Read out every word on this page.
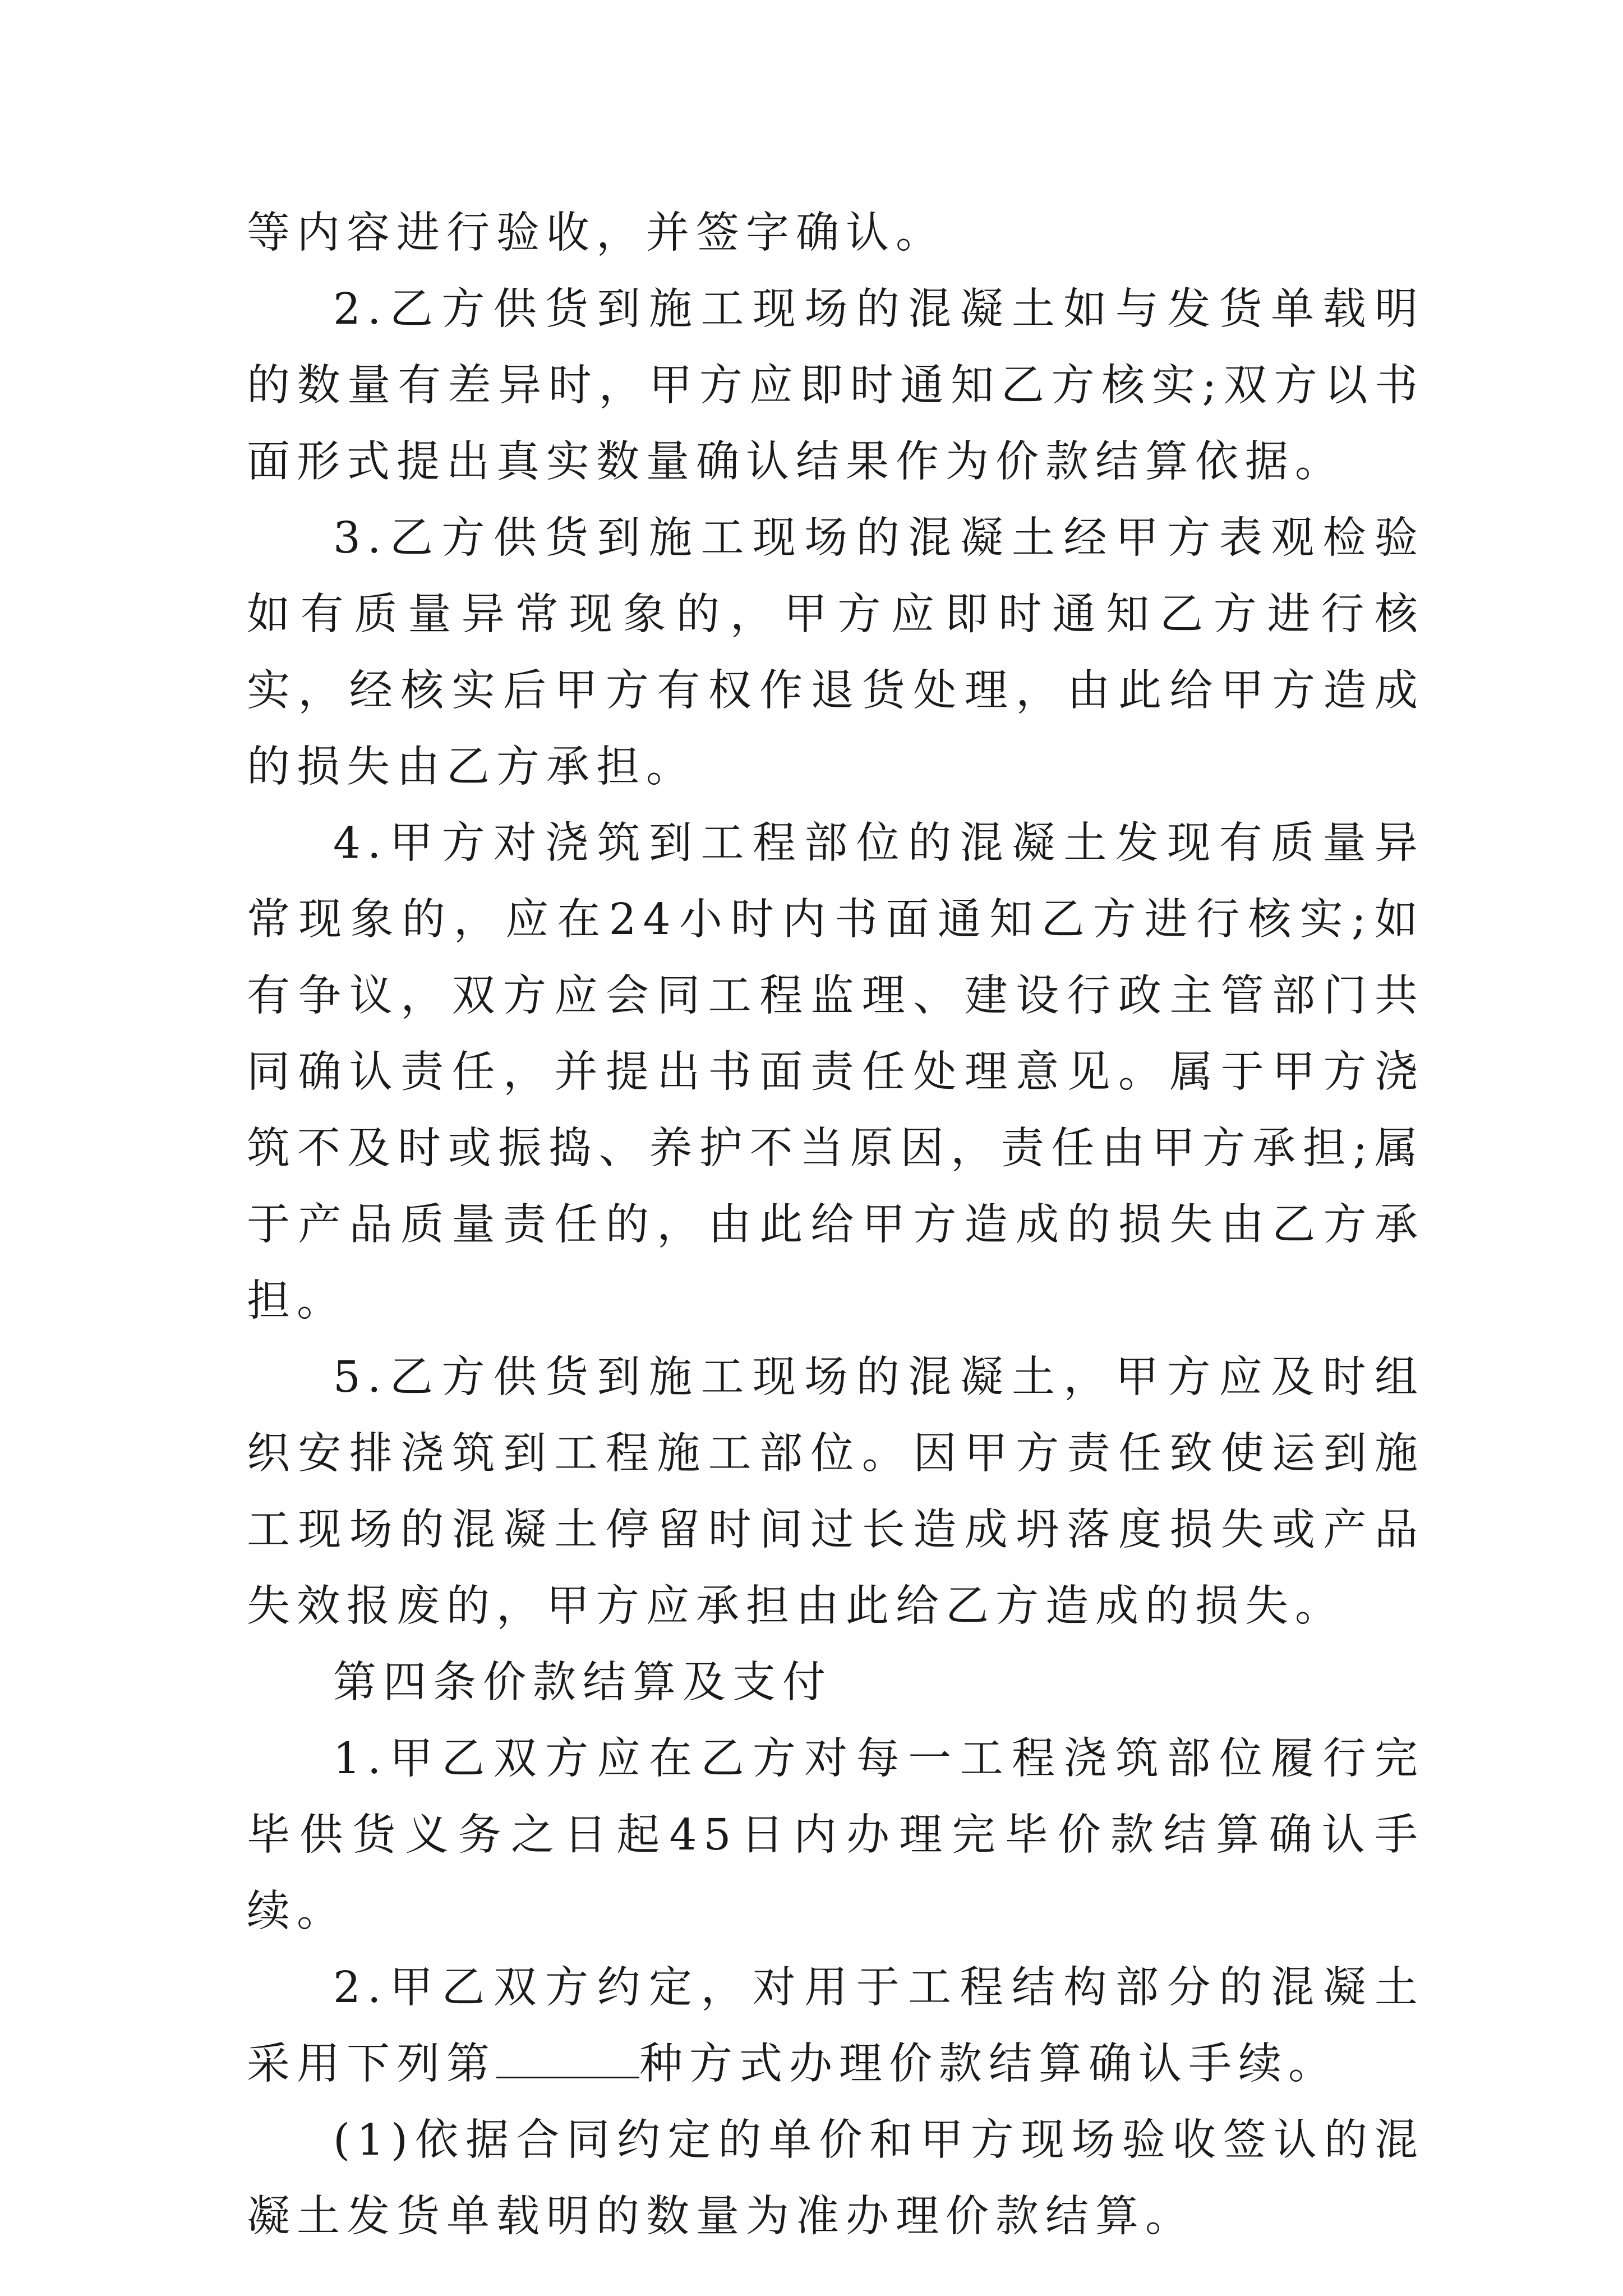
等内容进行验收，并签字确认。

2.乙方供货到施工现场的混凝土如与发货单载明的数量有差异时，甲方应即时通知乙方核实;双方以书面形式提出真实数量确认结果作为价款结算依据。

3.乙方供货到施工现场的混凝土经甲方表观检验如有质量异常现象的，甲方应即时通知乙方进行核实，经核实后甲方有权作退货处理，由此给甲方造成的损失由乙方承担。

4.甲方对浇筑到工程部位的混凝土发现有质量异常现象的，应在24小时内书面通知乙方进行核实;如有争议，双方应会同工程监理、建设行政主管部门共同确认责任，并提出书面责任处理意见。属于甲方浇筑不及时或振捣、养护不当原因，责任由甲方承担;属于产品质量责任的，由此给甲方造成的损失由乙方承担。

5.乙方供货到施工现场的混凝土，甲方应及时组织安排浇筑到工程施工部位。因甲方责任致使运到施工现场的混凝土停留时间过长造成坍落度损失或产品失效报废的，甲方应承担由此给乙方造成的损失。

第四条价款结算及支付

1.甲乙双方应在乙方对每一工程浇筑部位履行完毕供货义务之日起45日内办理完毕价款结算确认手续。

2.甲乙双方约定，对用于工程结构部分的混凝土采用下列第	种方式办理价款结算确认手续。

(1)依据合同约定的单价和甲方现场验收签认的混凝土发货单载明的数量为准办理价款结算。
